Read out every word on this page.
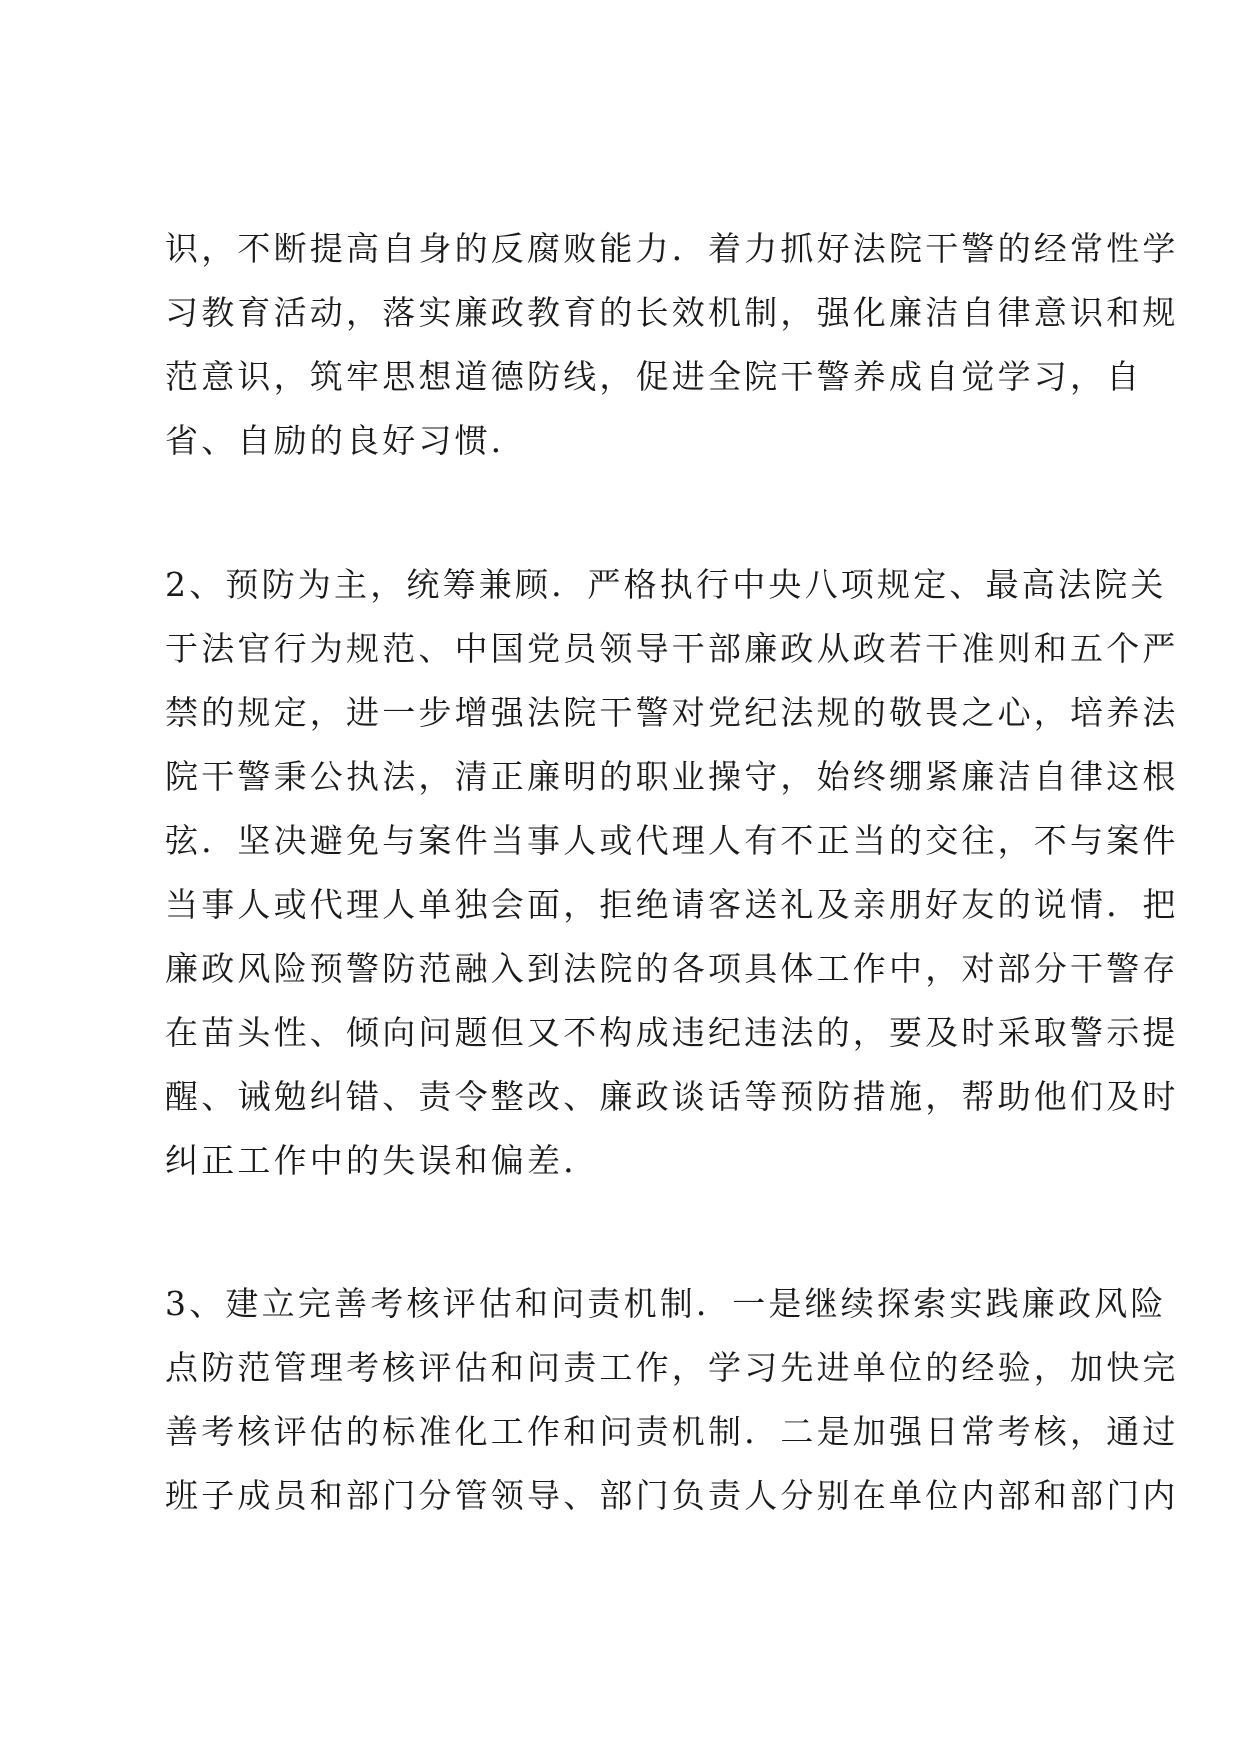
识，不断提高自身的反腐败能力．着力抓好法院干警的经常性学
习教育活动，落实廉政教育的长效机制，强化廉洁自律意识和规
范意识，筑牢思想道德防线，促进全院干警养成自觉学习，自
省、自励的良好习惯．
2、预防为主，统筹兼顾．严格执行中央八项规定、最高法院关
于法官行为规范、中国党员领导干部廉政从政若干准则和五个严
禁的规定，进一步增强法院干警对党纪法规的敬畏之心，培养法
院干警秉公执法，清正廉明的职业操守，始终绷紧廉洁自律这根
弦．坚决避免与案件当事人或代理人有不正当的交往，不与案件
当事人或代理人单独会面，拒绝请客送礼及亲朋好友的说情．把
廉政风险预警防范融入到法院的各项具体工作中，对部分干警存
在苗头性、倾向问题但又不构成违纪违法的，要及时采取警示提
醒、诫勉纠错、责令整改、廉政谈话等预防措施，帮助他们及时
纠正工作中的失误和偏差．
3、建立完善考核评估和问责机制．一是继续探索实践廉政风险
点防范管理考核评估和问责工作，学习先进单位的经验，加快完
善考核评估的标准化工作和问责机制．二是加强日常考核，通过
班子成员和部门分管领导、部门负责人分别在单位内部和部门内
